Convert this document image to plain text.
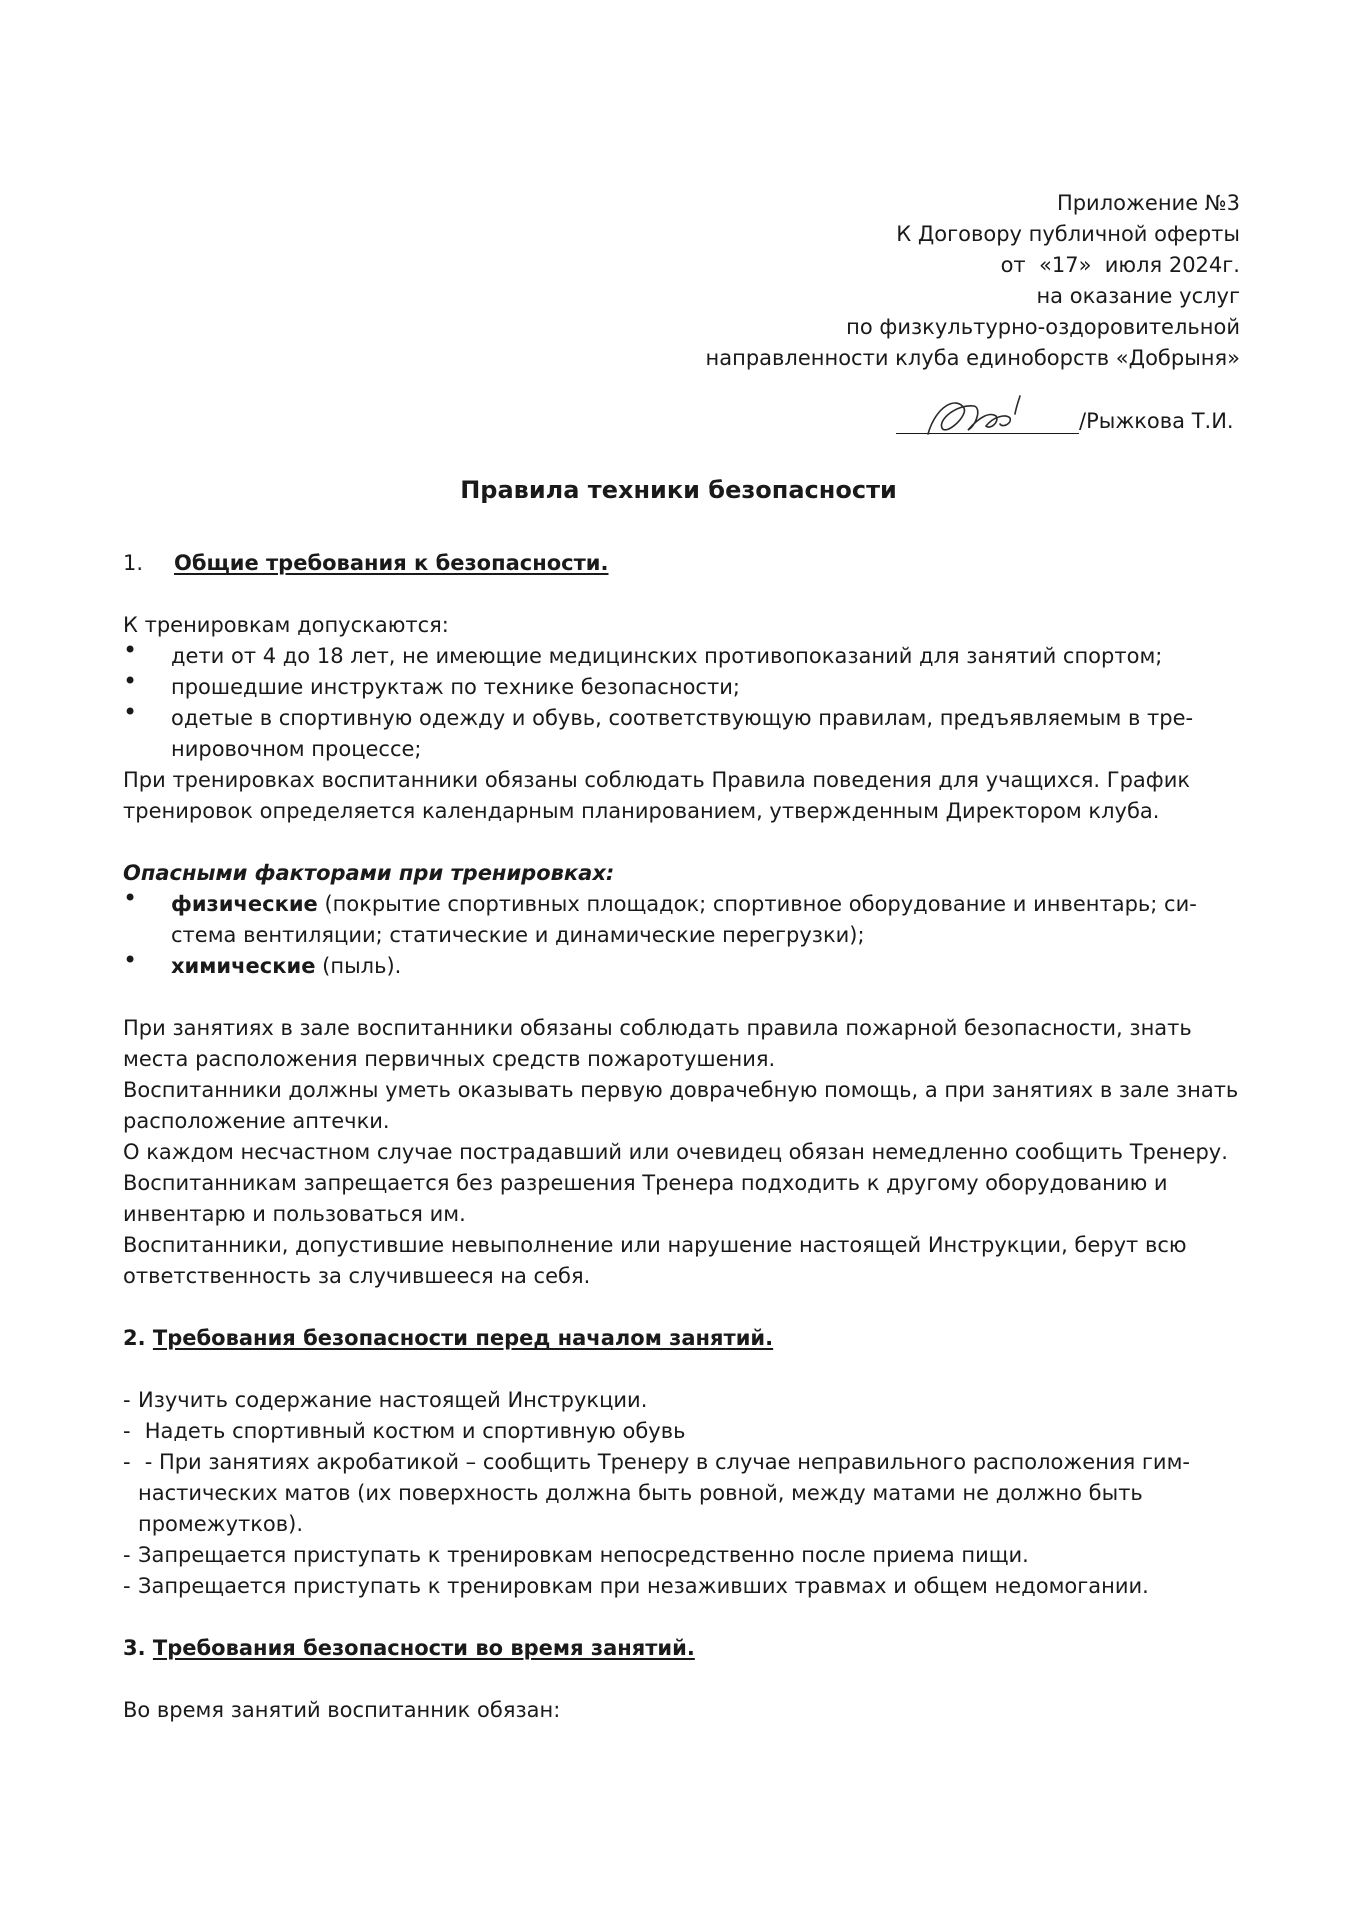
Приложение №3
К Договору публичной оферты
от  «17»  июля 2024г.
на оказание услуг
по физкультурно-оздоровительной
направленности клуба единоборств «Добрыня»
/Рыжкова Т.И.
Правила техники безопасности

1. Общие требования к безопасности.

К тренировкам допускаются:

• дети от 4 до 18 лет, не имеющие медицинских противопоказаний для занятий спортом;
• прошедшие инструктаж по технике безопасности;
• одетые в спортивную одежду и обувь, соответствующую правилам, предъявляемым в тре-нировочном процессе;

При тренировках воспитанники обязаны соблюдать Правила поведения для учащихся. График тренировок определяется календарным планированием, утвержденным Директором клуба.

Опасными факторами при тренировках:

• физические (покрытие спортивных площадок; спортивное оборудование и инвентарь; си-стема вентиляции; статические и динамические перегрузки);
• химические (пыль).

При занятиях в зале воспитанники обязаны соблюдать правила пожарной безопасности, знать места расположения первичных средств пожаротушения.

Воспитанники должны уметь оказывать первую доврачебную помощь, а при занятиях в зале знать расположение аптечки.

О каждом несчастном случае пострадавший или очевидец обязан немедленно сообщить Тренеру.

Воспитанникам запрещается без разрешения Тренера подходить к другому оборудованию и инвентарю и пользоваться им.

Воспитанники, допустившие невыполнение или нарушение настоящей Инструкции, берут всю ответственность за случившееся на себя.

2. Требования безопасности перед началом занятий.

- Изучить содержание настоящей Инструкции.
-  Надеть спортивный костюм и спортивную обувь
-  - При занятиях акробатикой – сообщить Тренеру в случае неправильного расположения гим-настических матов (их поверхность должна быть ровной, между матами не должно быть промежутков).
- Запрещается приступать к тренировкам непосредственно после приема пищи.
- Запрещается приступать к тренировкам при незаживших травмах и общем недомогании.

3. Требования безопасности во время занятий.

Во время занятий воспитанник обязан:
